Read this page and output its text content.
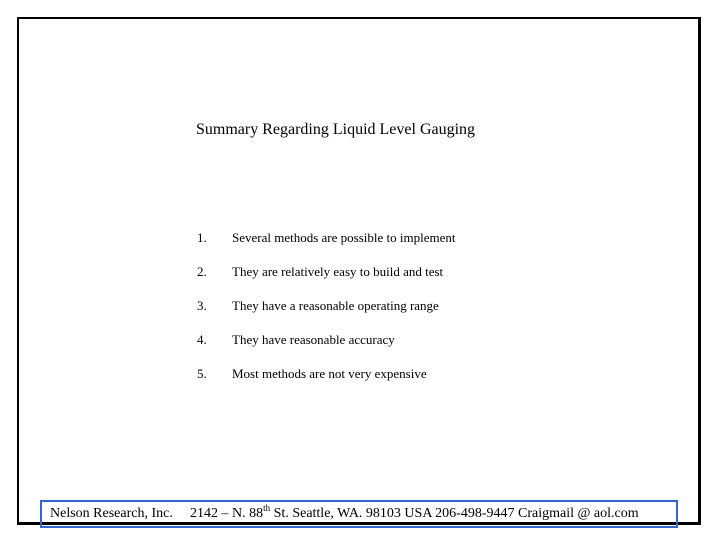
Summary Regarding Liquid Level Gauging
1.	Several methods are possible to implement
2.	They are relatively easy to build and test
3.	They have a reasonable operating range
4.	They have reasonable accuracy
5.	Most methods are not very expensive
Nelson Research, Inc. 2142 – N. 88th St. Seattle, WA. 98103 USA 206-498-9447 Craigmail @ aol.com
